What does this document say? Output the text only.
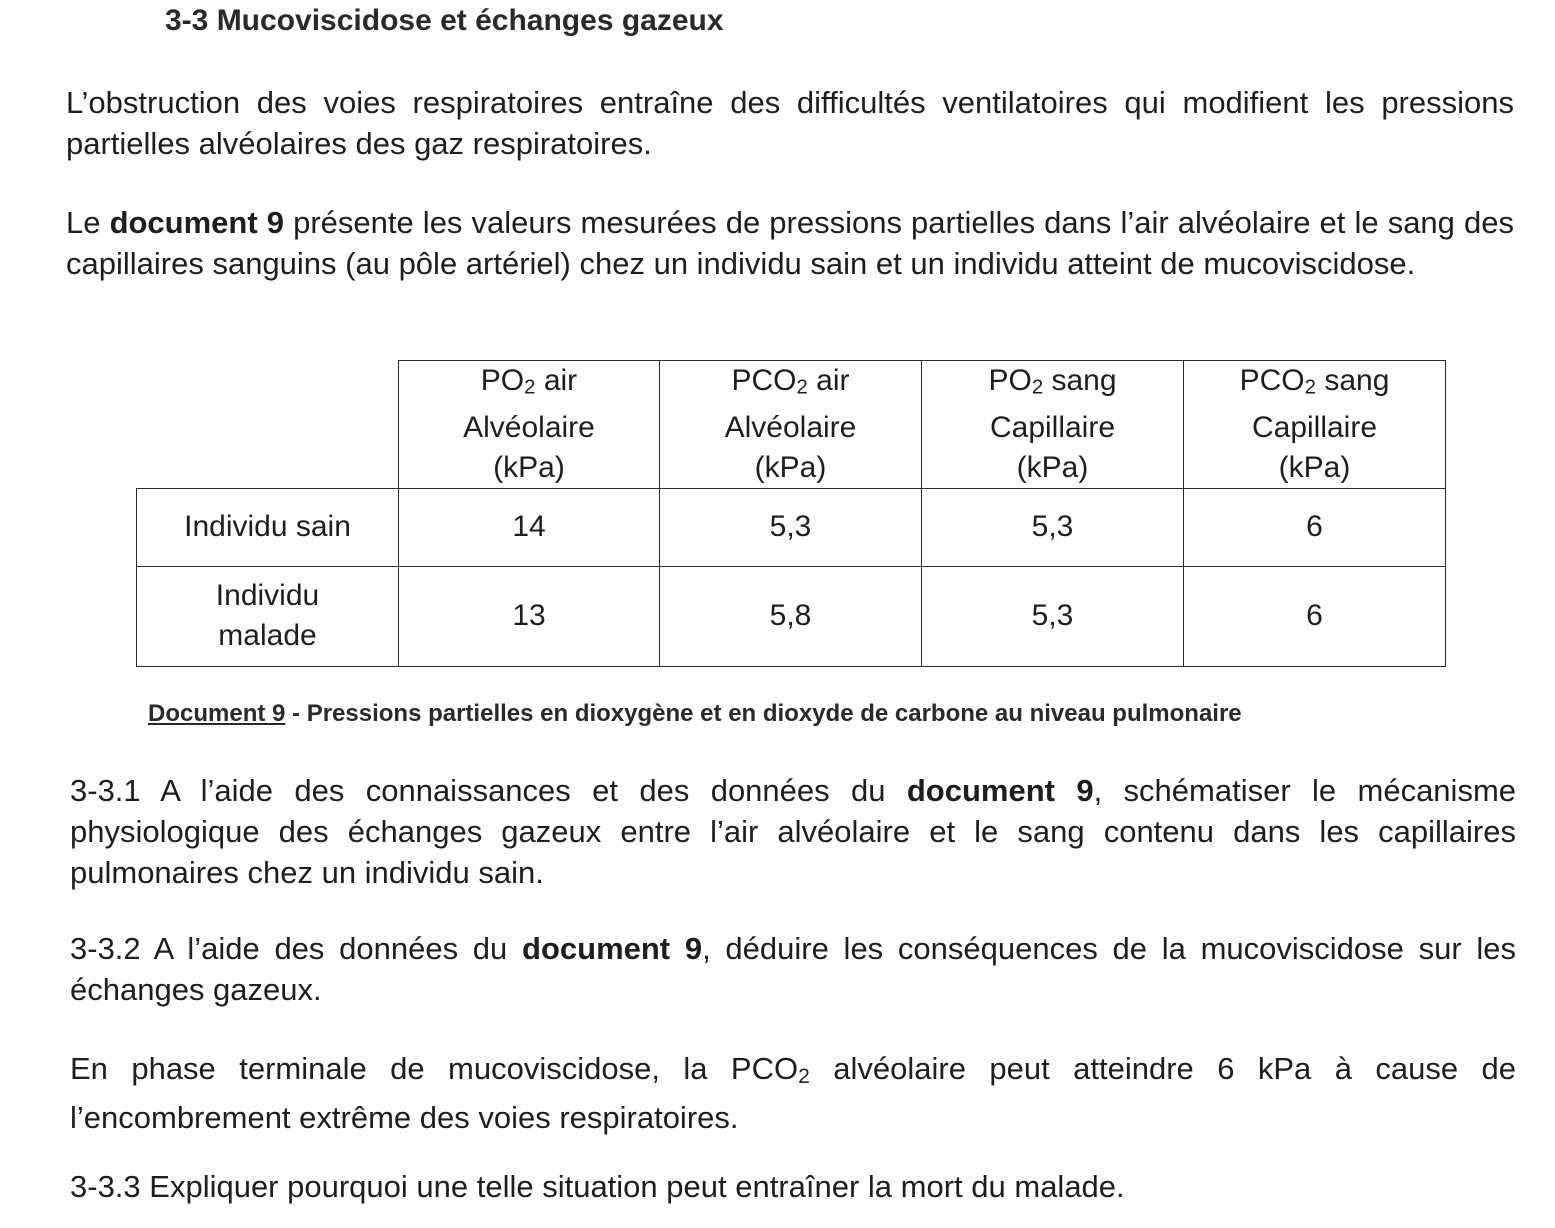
3-3 Mucoviscidose et échanges gazeux

L’obstruction des voies respiratoires entraîne des difficultés ventilatoires qui modifient les pressions partielles alvéolaires des gaz respiratoires.

Le document 9 présente les valeurs mesurées de pressions partielles dans l’air alvéolaire et le sang des capillaires sanguins (au pôle artériel) chez un individu sain et un individu atteint de mucoviscidose.

	PO2 air
Alvéolaire
(kPa)	PCO2 air
Alvéolaire
(kPa)	PO2 sang
Capillaire
(kPa)	PCO2 sang
Capillaire
(kPa)
Individu sain	14	5,3	5,3	6
Individu
malade	13	5,8	5,3	6

Document 9 - Pressions partielles en dioxygène et en dioxyde de carbone au niveau pulmonaire

3-3.1 A l’aide des connaissances et des données du document 9, schématiser le mécanisme physiologique des échanges gazeux entre l’air alvéolaire et le sang contenu dans les capillaires pulmonaires chez un individu sain.

3-3.2 A l’aide des données du document 9, déduire les conséquences de la mucoviscidose sur les échanges gazeux.

En phase terminale de mucoviscidose, la PCO2 alvéolaire peut atteindre 6 kPa à cause de l’encombrement extrême des voies respiratoires.

3-3.3 Expliquer pourquoi une telle situation peut entraîner la mort du malade.
